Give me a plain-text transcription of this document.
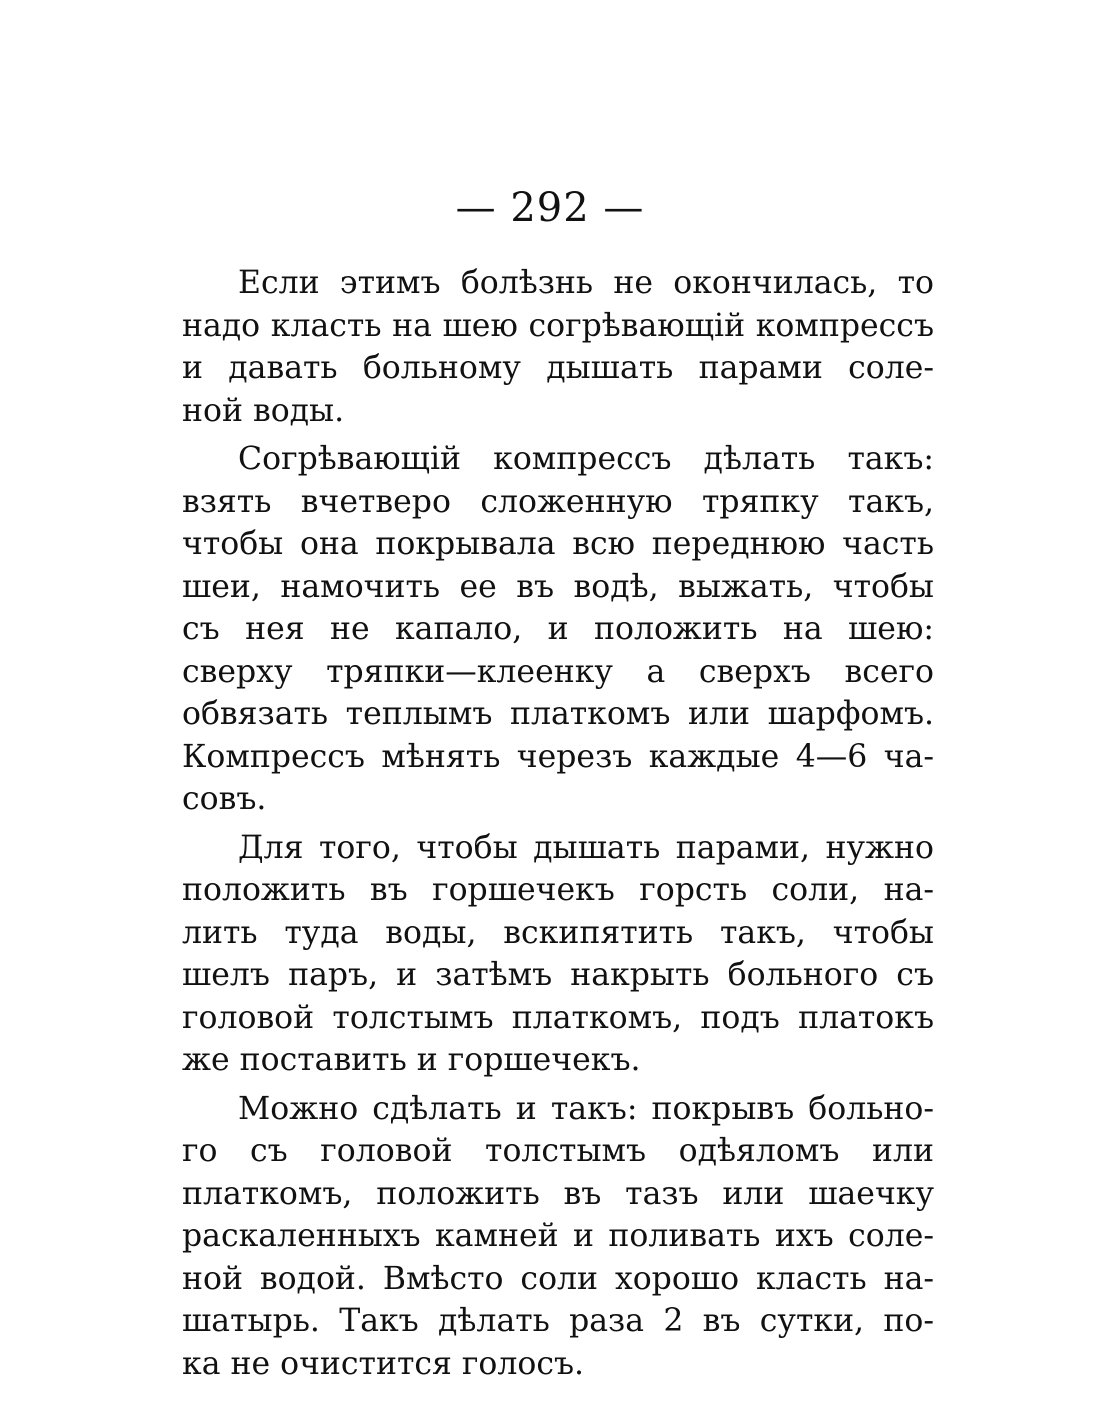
— 292 —

Если этимъ болѣзнь не окончилась, то
надо класть на шею согрѣвающій компрессъ
и давать больному дышать парами соле-
ной воды.

Согрѣвающій компрессъ дѣлать такъ:
взять вчетверо сложенную тряпку такъ,
чтобы она покрывала всю переднюю часть
шеи, намочить ее въ водѣ, выжать, чтобы
съ нея не капало, и положить на шею:
сверху тряпки—клеенку а сверхъ всего
обвязать теплымъ платкомъ или шарфомъ.
Компрессъ мѣнять черезъ каждые 4—6 ча-
совъ.

Для того, чтобы дышать парами, нужно
положить въ горшечекъ горсть соли, на-
лить туда воды, вскипятить такъ, чтобы
шелъ паръ, и затѣмъ накрыть больного съ
головой толстымъ платкомъ, подъ платокъ
же поставить и горшечекъ.

Можно сдѣлать и такъ: покрывъ больно-
го съ головой толстымъ одѣяломъ или
платкомъ, положить въ тазъ или шаечку
раскаленныхъ камней и поливать ихъ соле-
ной водой. Вмѣсто соли хорошо класть на-
шатырь. Такъ дѣлать раза 2 въ сутки, по-
ка не очистится голосъ.
